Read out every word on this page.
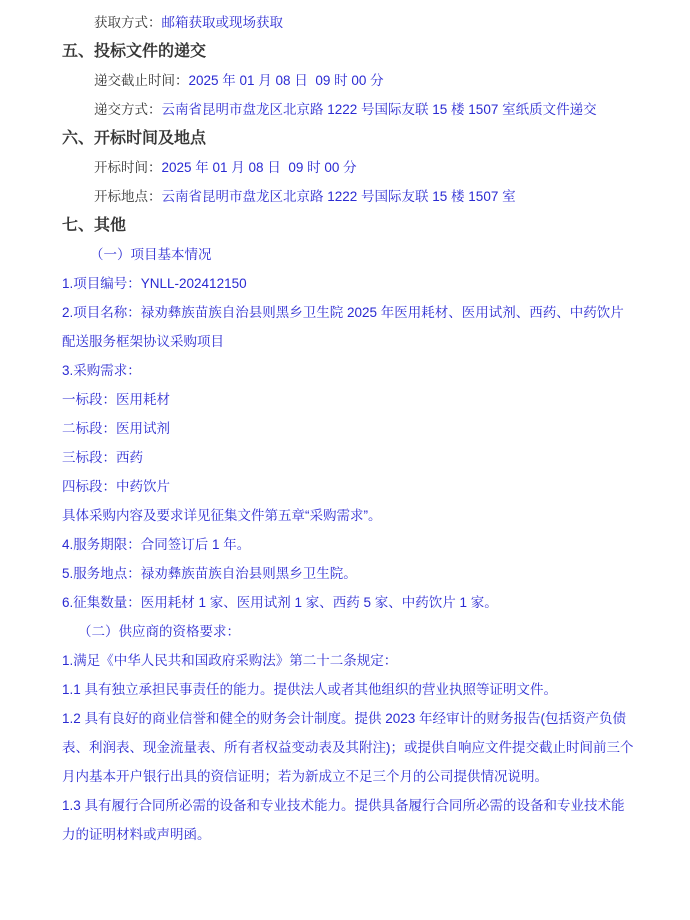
获取方式：邮箱获取或现场获取
五、投标文件的递交
递交截止时间：2025 年 01 月 08 日  09 时 00 分
递交方式：云南省昆明市盘龙区北京路 1222 号国际友联 15 楼 1507 室纸质文件递交
六、开标时间及地点
开标时间：2025 年 01 月 08 日  09 时 00 分
开标地点：云南省昆明市盘龙区北京路 1222 号国际友联 15 楼 1507 室
七、其他
（一）项目基本情况
1.项目编号：YNLL-202412150
2.项目名称：禄劝彝族苗族自治县则黑乡卫生院 2025 年医用耗材、医用试剂、西药、中药饮片配送服务框架协议采购项目
3.采购需求：
一标段：医用耗材
二标段：医用试剂
三标段：西药
四标段：中药饮片
具体采购内容及要求详见征集文件第五章“采购需求”。
4.服务期限：合同签订后 1 年。
5.服务地点：禄劝彝族苗族自治县则黑乡卫生院。
6.征集数量：医用耗材 1 家、医用试剂 1 家、西药 5 家、中药饮片 1 家。
（二）供应商的资格要求：
1.满足《中华人民共和国政府采购法》第二十二条规定：
1.1 具有独立承担民事责任的能力。提供法人或者其他组织的营业执照等证明文件。
1.2 具有良好的商业信誉和健全的财务会计制度。提供 2023 年经审计的财务报告(包括资产负债表、利润表、现金流量表、所有者权益变动表及其附注)；或提供自响应文件提交截止时间前三个月内基本开户银行出具的资信证明；若为新成立不足三个月的公司提供情况说明。
1.3 具有履行合同所必需的设备和专业技术能力。提供具备履行合同所必需的设备和专业技术能力的证明材料或声明函。
